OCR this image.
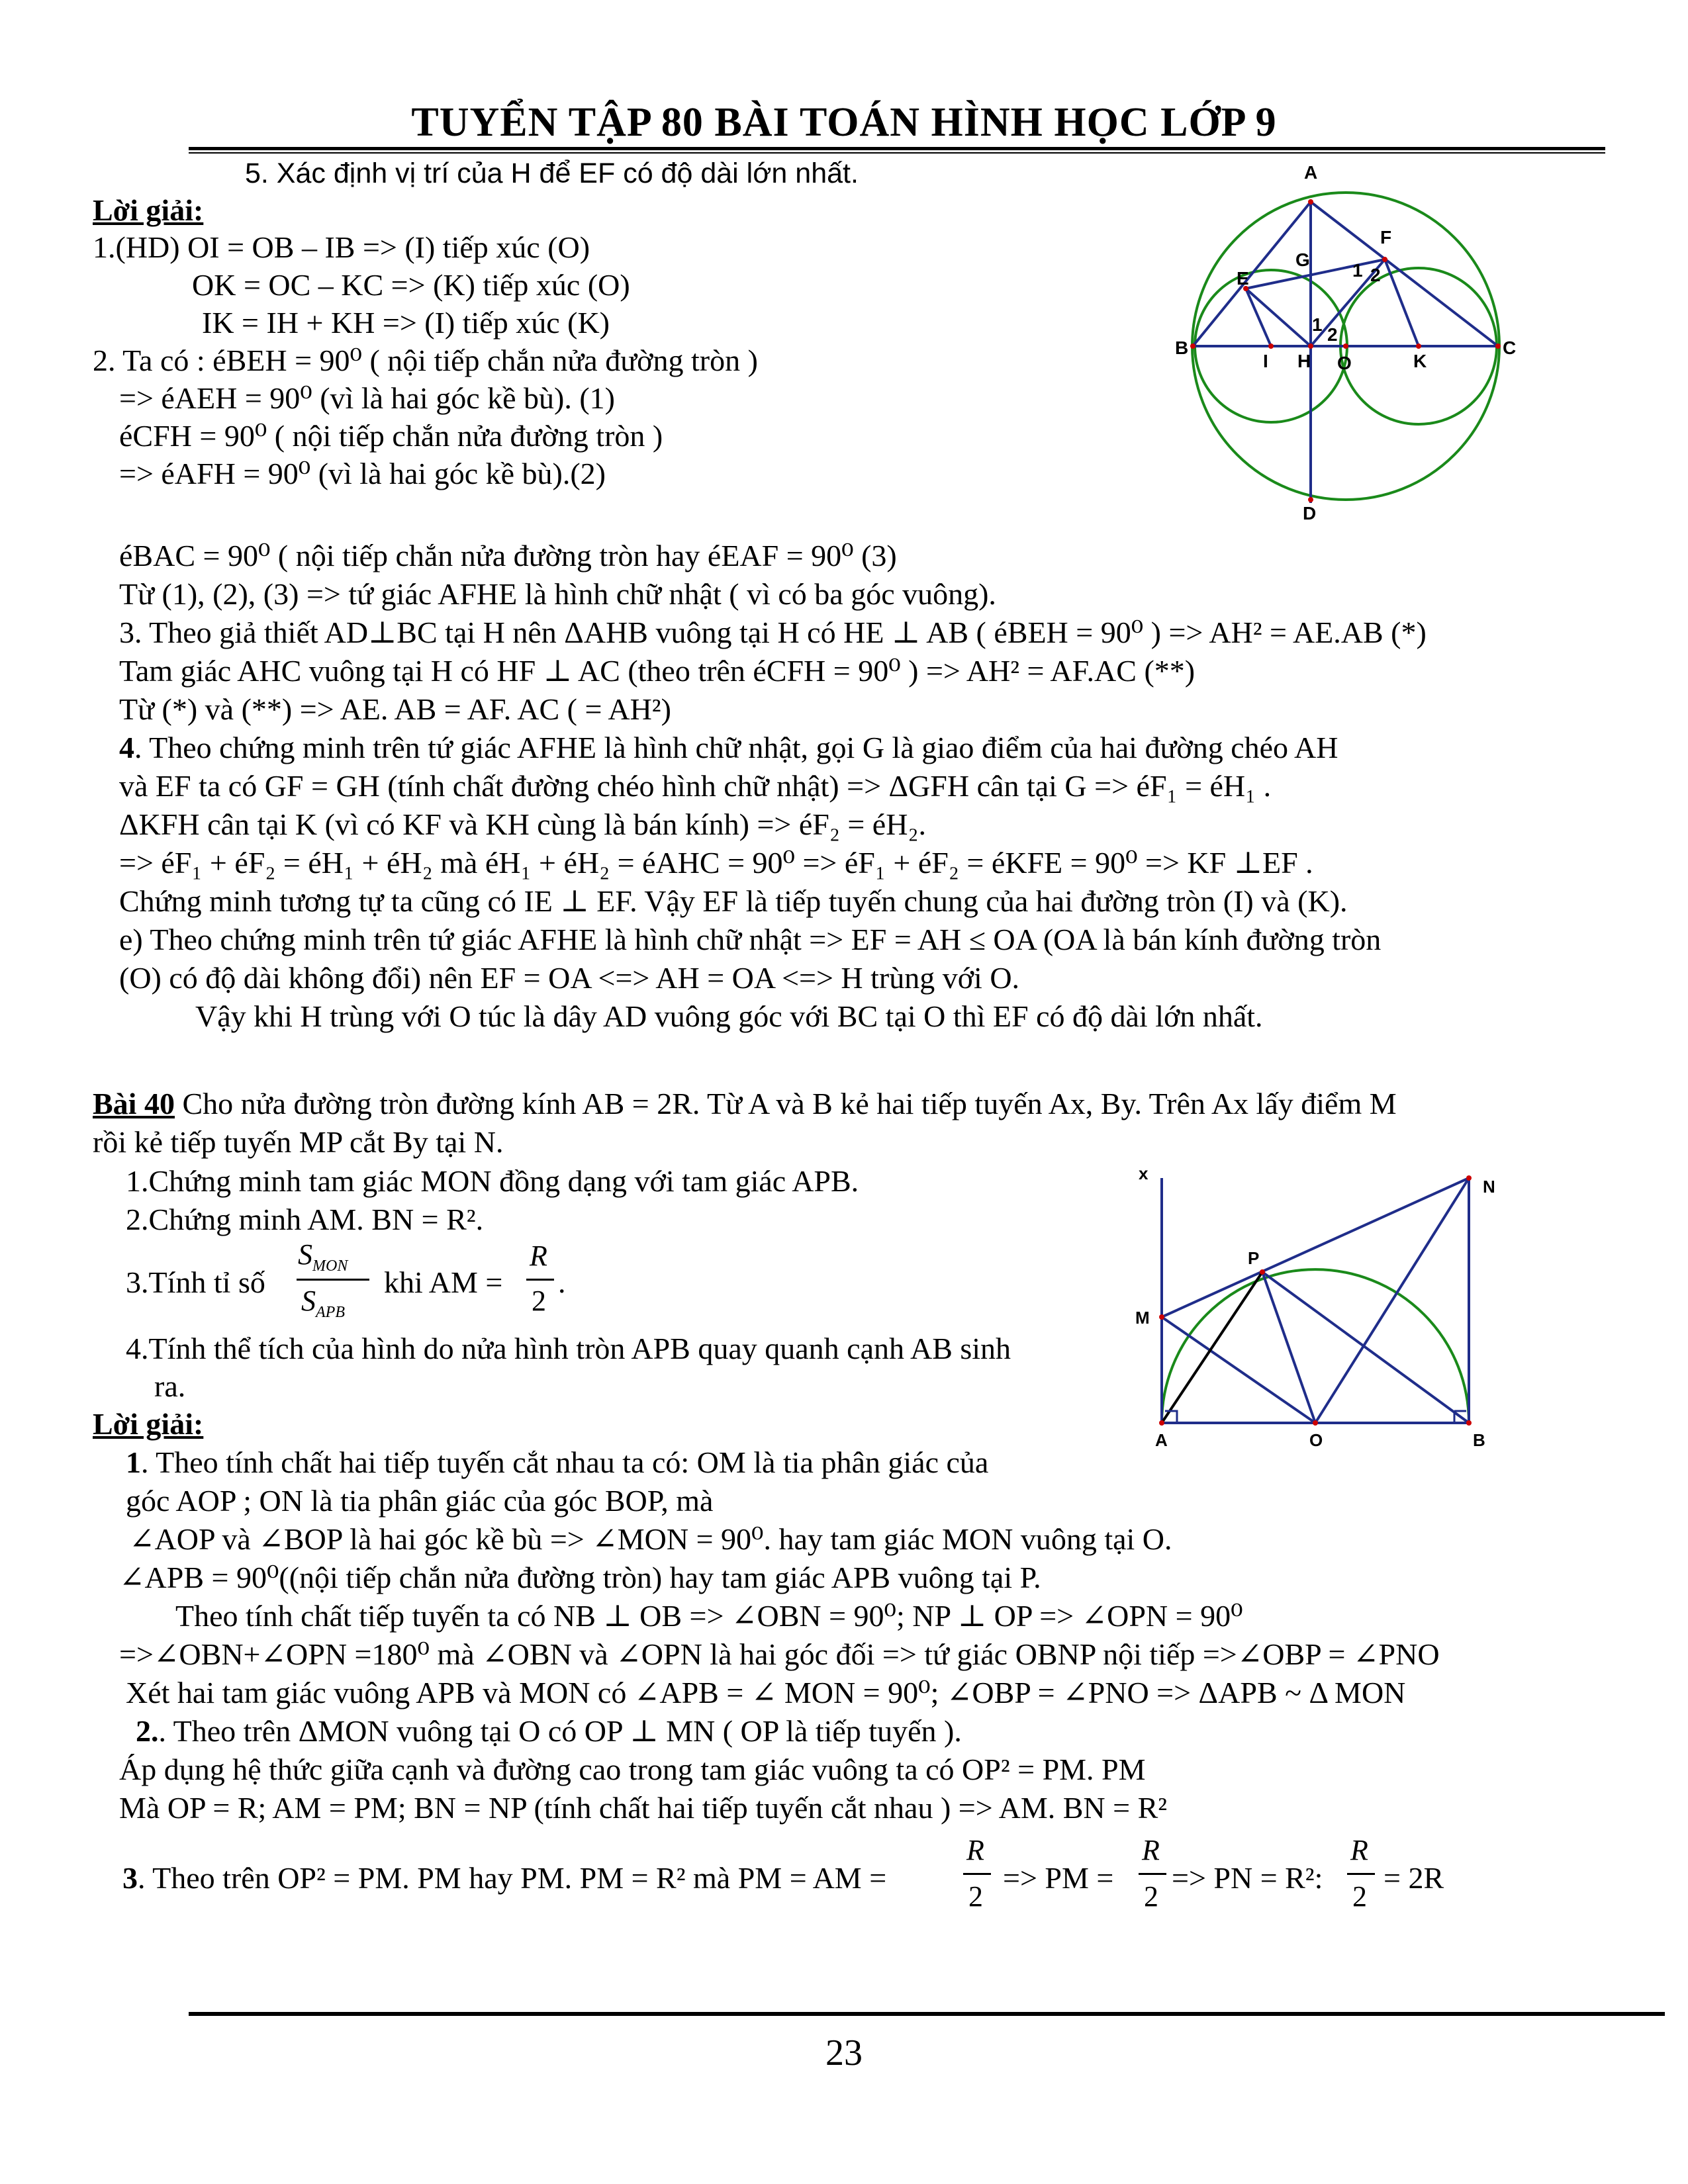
TUYỂN TẬP 80 BÀI TOÁN HÌNH HỌC LỚP 9
5. Xác định vị trí của H để EF có độ dài lớn nhất.
Lời giải:
1.(HD) OI = OB – IB => (I) tiếp xúc (O)
OK = OC – KC => (K) tiếp xúc (O)
IK = IH + KH => (I) tiếp xúc (K)
2. Ta có : éBEH = 90⁰ ( nội tiếp chắn nửa đường tròn )
=> éAEH = 90⁰ (vì là hai góc kề bù). (1)
éCFH = 90⁰ ( nội tiếp chắn nửa đường tròn )
=> éAFH = 90⁰ (vì là hai góc kề bù).(2)
éBAC = 90⁰ ( nội tiếp chắn nửa đường tròn hay éEAF = 90⁰ (3)
Từ (1), (2), (3) => tứ giác AFHE là hình chữ nhật ( vì có ba góc vuông).
3. Theo giả thiết AD⊥BC tại H nên ΔAHB vuông tại H có HE ⊥ AB ( éBEH = 90⁰ ) => AH² = AE.AB (*)
Tam giác AHC vuông tại H có HF ⊥ AC (theo trên éCFH = 90⁰ ) => AH² = AF.AC (**)
Từ (*) và (**) => AE. AB = AF. AC ( = AH²)
4. Theo chứng minh trên tứ giác AFHE là hình chữ nhật, gọi G là giao điểm của hai đường chéo AH
và EF ta có GF = GH (tính chất đường chéo hình chữ nhật) => ΔGFH cân tại G => éF₁ = éH₁ .
ΔKFH cân tại K (vì có KF và KH cùng là bán kính) => éF₂ = éH₂.
=> éF₁ + éF₂ = éH₁ + éH₂ mà éH₁ + éH₂ = éAHC = 90⁰ => éF₁ + éF₂ = éKFE = 90⁰ => KF ⊥EF .
Chứng minh tương tự ta cũng có IE ⊥ EF. Vậy EF là tiếp tuyến chung của hai đường tròn (I) và (K).
e) Theo chứng minh trên tứ giác AFHE là hình chữ nhật => EF = AH ≤ OA (OA là bán kính đường tròn
(O) có độ dài không đổi) nên EF = OA <=> AH = OA <=> H trùng với O.
Vậy khi H trùng với O túc là dây AD vuông góc với BC tại O thì EF có độ dài lớn nhất.
A
F
G
E	1 2
1 2
B
I H O	K
C
D
Bài 40 Cho nửa đường tròn đường kính AB = 2R. Từ A và B kẻ hai tiếp tuyến Ax, By. Trên Ax lấy điểm M
rồi kẻ tiếp tuyến MP cắt By tại N.
1.Chứng minh tam giác MON đồng dạng với tam giác APB.
2.Chứng minh AM. BN = R².
3.Tính tỉ số
$S_{MON}$
$S_{APB}$
khi AM =
R
2
.
4.Tính thể tích của hình do nửa hình tròn APB quay quanh cạnh AB sinh
ra.
Lời giải:
1. Theo tính chất hai tiếp tuyến cắt nhau ta có: OM là tia phân giác của
góc AOP ; ON là tia phân giác của góc BOP, mà
∠AOP và ∠BOP là hai góc kề bù => ∠MON = 90⁰. hay tam giác MON vuông tại O.
∠APB = 90⁰((nội tiếp chắn nửa đường tròn) hay tam giác APB vuông tại P.
Theo tính chất tiếp tuyến ta có NB ⊥ OB => ∠OBN = 90⁰; NP ⊥ OP => ∠OPN = 90⁰
=>∠OBN+∠OPN =180⁰ mà ∠OBN và ∠OPN là hai góc đối => tứ giác OBNP nội tiếp =>∠OBP = ∠PNO
Xét hai tam giác vuông APB và MON có ∠APB = ∠ MON = 90⁰; ∠OBP = ∠PNO => ΔAPB ~ Δ MON
2.. Theo trên ΔMON vuông tại O có OP ⊥ MN ( OP là tiếp tuyến ).
Áp dụng hệ thức giữa cạnh và đường cao trong tam giác vuông ta có OP² = PM. PM
Mà OP = R; AM = PM; BN = NP (tính chất hai tiếp tuyến cắt nhau ) => AM. BN = R²
3. Theo trên OP² = PM. PM hay PM. PM = R² mà PM = AM =
R
2
=> PM =
R
2
=> PN = R²:
R
2
= 2R
x
N
P
M
A	O	B
23
